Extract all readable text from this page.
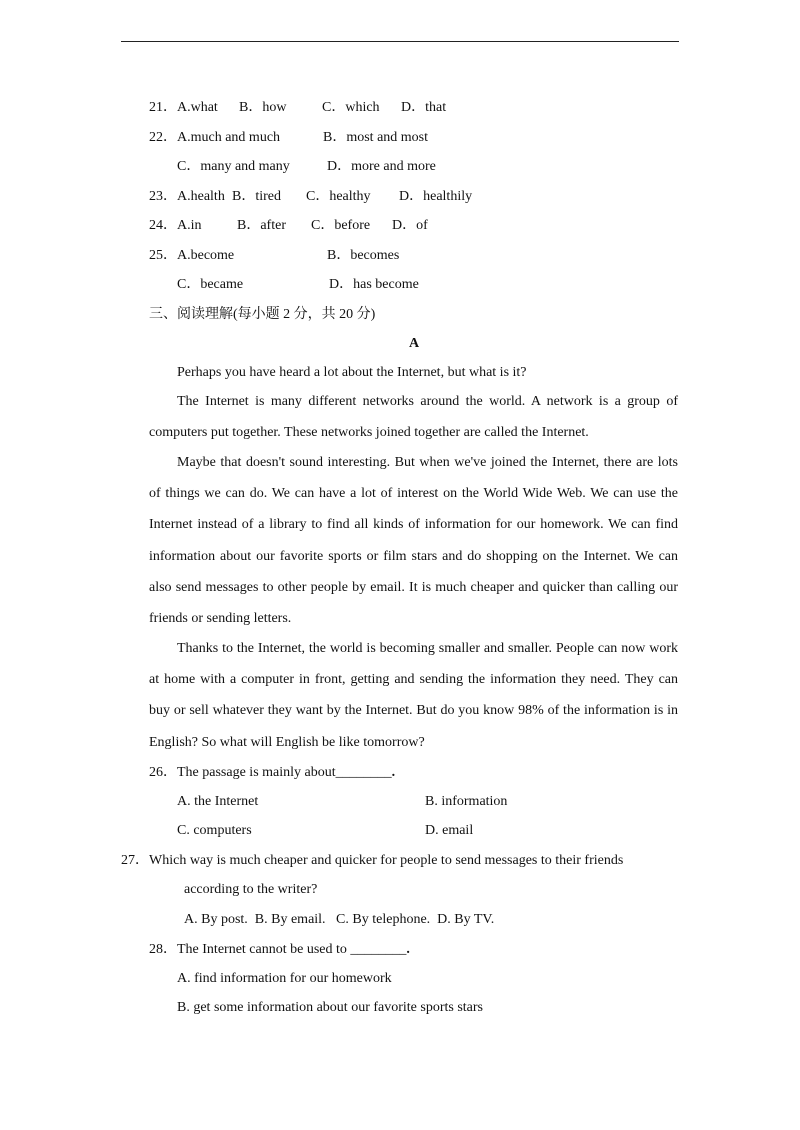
21． A.what B．how	C．which D．that
22． A.much and much	B．most and most
C．many and many	D．more and more
23． A.health B．tired C．healthy D．healthily
24． A.in	B．after C．before D．of
25． A.become	B．becomes
C．became	D．has become
三、阅读理解(每小题 2 分，共 20 分)
A
Perhaps you have heard a lot about the Internet, but what is it?
The Internet is many different networks around the world. A network is a group of computers put together. These networks joined together are called the Internet.
Maybe that doesn't sound interesting. But when we've joined the Internet, there are lots of things we can do. We can have a lot of interest on the World Wide Web. We can use the Internet instead of a library to find all kinds of information for our homework. We can find information about our favorite sports or film stars and do shopping on the Internet. We can also send messages to other people by email. It is much cheaper and quicker than calling our friends or sending letters.
Thanks to the Internet, the world is becoming smaller and smaller. People can now work at home with a computer in front, getting and sending the information they need. They can buy or sell whatever they want by the Internet. But do you know 98% of the information is in English? So what will English be like tomorrow?
26．The passage is mainly about________.
A. the Internet	B. information
C. computers	D. email
27． Which way is much cheaper and quicker for people to send messages to their friends
according to the writer?
A. By post.  B. By email.   C. By telephone.  D. By TV.
28．The Internet cannot be used to ________.
A. find information for our homework
B. get some information about our favorite sports stars
